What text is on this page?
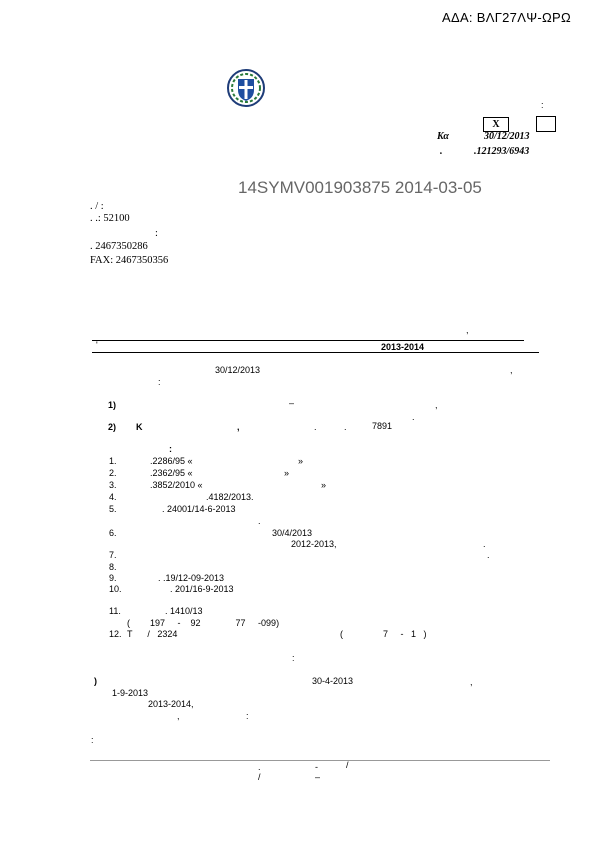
ΑΔΑ: ΒΛΓ27ΛΨ-ΩΡΩ
:
X
Κα	30/12/2013
.	.121293/6943
14SYMV001903875 2014-03-05
. / :
. .: 52100
:
. 2467350286
FAX: 2467350356
,
'	2013-2014
30/12/2013	,
:
1)	–	,
.
2) Κ	,	.	.	7891
:
1.	.2286/95 «	»
2.	.2362/95 «	»
3.	.3852/2010 «	»
4.	.4182/2013.
5.	. 24001/14-6-2013
.
6.	30/4/2013
2012-2013,	.
7.	.
8.
9.	. .19/12-09-2013
10.	. 201/16-9-2013
11.	. 1410/13
(        197     -    92              77     -099)
12. Τ      /   2324	(                7     -   1   )
:
)	30-4-2013	,
1-9-2013
2013-2014,
,	:
:
.	-	/
/	–
